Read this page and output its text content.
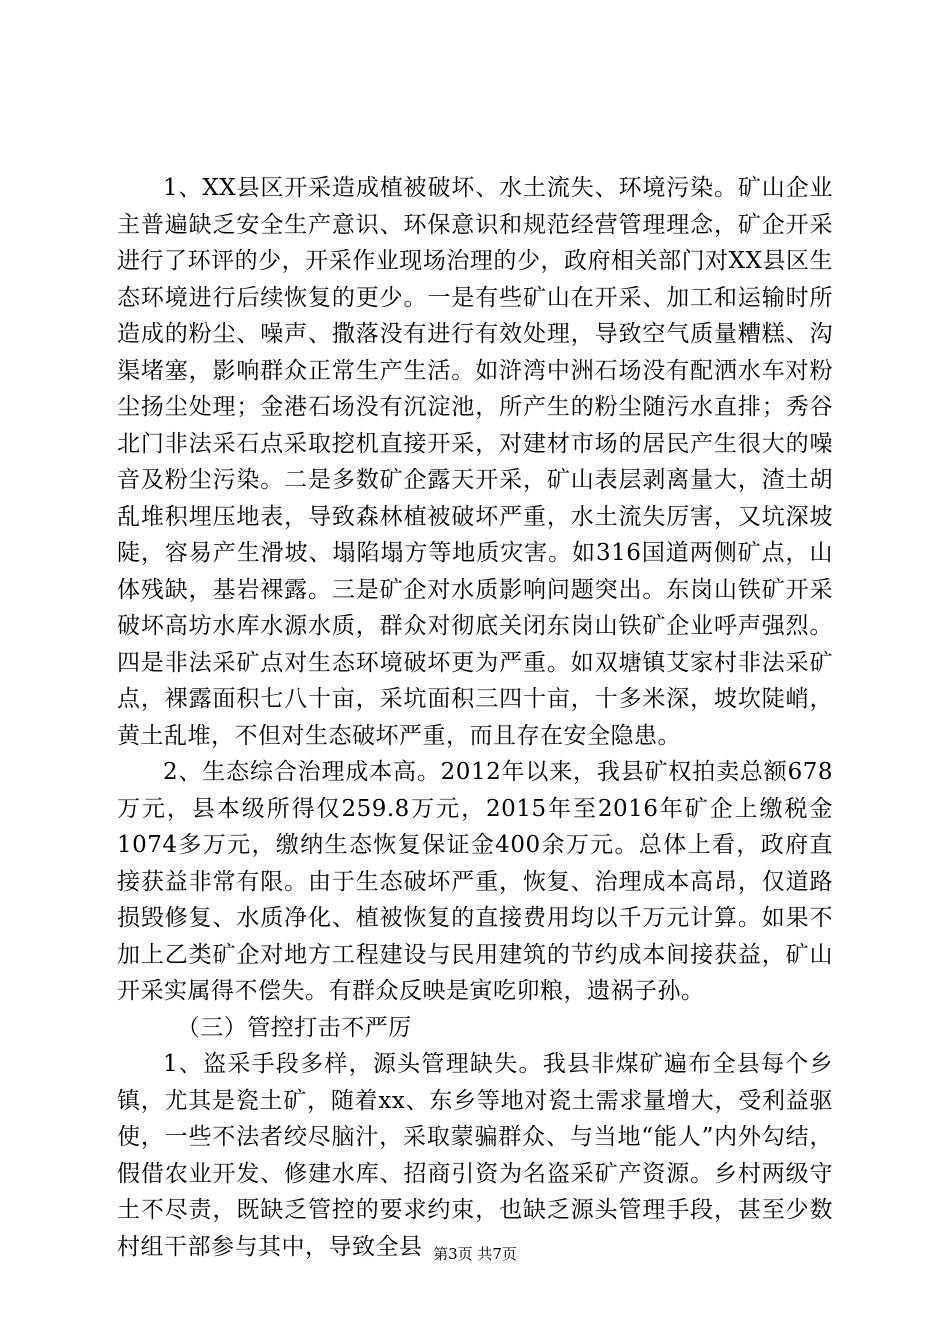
1、XX县区开采造成植被破坏、水土流失、环境污染。矿山企业主普遍缺乏安全生产意识、环保意识和规范经营管理理念，矿企开采进行了环评的少，开采作业现场治理的少，政府相关部门对XX县区生态环境进行后续恢复的更少。一是有些矿山在开采、加工和运输时所造成的粉尘、噪声、撒落没有进行有效处理，导致空气质量糟糕、沟渠堵塞，影响群众正常生产生活。如浒湾中洲石场没有配洒水车对粉尘扬尘处理；金港石场没有沉淀池，所产生的粉尘随污水直排；秀谷北门非法采石点采取挖机直接开采，对建材市场的居民产生很大的噪音及粉尘污染。二是多数矿企露天开采，矿山表层剥离量大，渣土胡乱堆积埋压地表，导致森林植被破坏严重，水土流失厉害，又坑深坡陡，容易产生滑坡、塌陷塌方等地质灾害。如316国道两侧矿点，山体残缺，基岩裸露。三是矿企对水质影响问题突出。东岗山铁矿开采破坏高坊水库水源水质，群众对彻底关闭东岗山铁矿企业呼声强烈。四是非法采矿点对生态环境破坏更为严重。如双塘镇艾家村非法采矿点，裸露面积七八十亩，采坑面积三四十亩，十多米深，坡坎陡峭，黄土乱堆，不但对生态破坏严重，而且存在安全隐患。

2、生态综合治理成本高。2012年以来，我县矿权拍卖总额678万元，县本级所得仅259.8万元，2015年至2016年矿企上缴税金1074多万元，缴纳生态恢复保证金400余万元。总体上看，政府直接获益非常有限。由于生态破坏严重，恢复、治理成本高昂，仅道路损毁修复、水质净化、植被恢复的直接费用均以千万元计算。如果不加上乙类矿企对地方工程建设与民用建筑的节约成本间接获益，矿山开采实属得不偿失。有群众反映是寅吃卯粮，遗祸子孙。

（三）管控打击不严厉

1、盗采手段多样，源头管理缺失。我县非煤矿遍布全县每个乡镇，尤其是瓷土矿，随着xx、东乡等地对瓷土需求量增大，受利益驱使，一些不法者绞尽脑汁，采取蒙骗群众、与当地“能人”内外勾结，假借农业开发、修建水库、招商引资为名盗采矿产资源。乡村两级守土不尽责，既缺乏管控的要求约束，也缺乏源头管理手段，甚至少数村组干部参与其中，导致全县 第3页 共7页
